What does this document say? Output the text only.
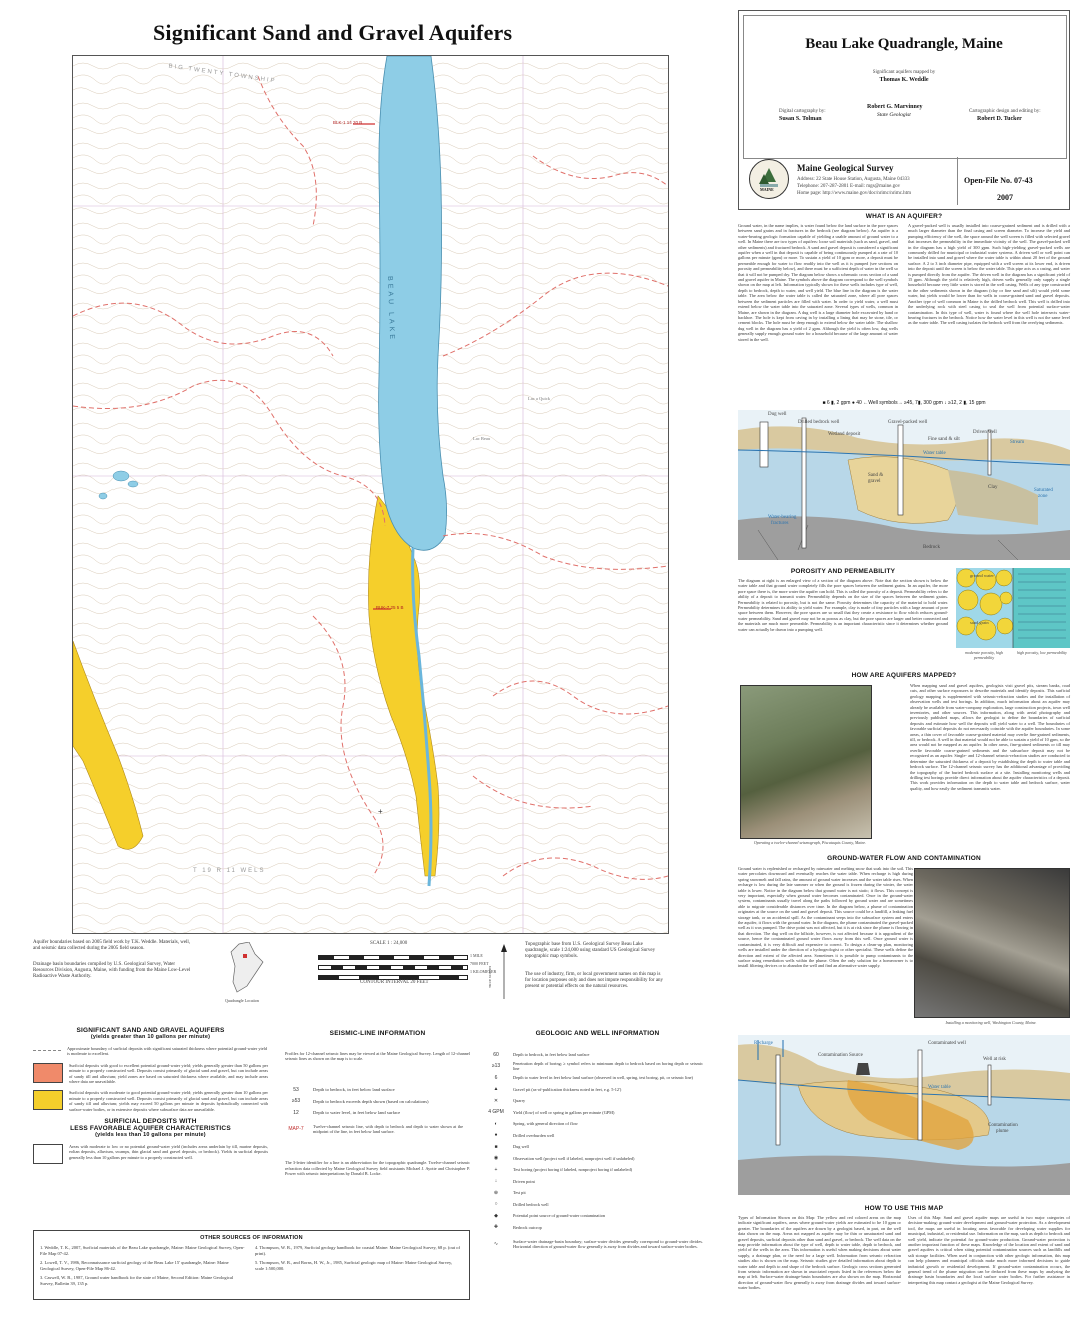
Significant Sand and Gravel Aquifers
+
BIG TWENTY TOWNSHIP
T 19 R 11 WELS
BEAU LAKE
BLK-1 14 20 B
BUK-7 25 5 B
Lac Beau
Lac a Quick
Aquifer boundaries based on 2005 field work by T.K. Weddle. Materials, well, and seismic data collected during the 2005 field season.
Drainage basin boundaries compiled by U.S. Geological Survey, Water Resources Division, Augusta, Maine, with funding from the Maine Low-Level Radioactive Waste Authority.
Quadrangle Location
SCALE 1 : 24,000
1 MILE
7000 FEET
1 KILOMETER
CONTOUR INTERVAL 20 FEET	TRUE NORTH
Topographic base from U.S. Geological Survey Beau Lake quadrangle, scale 1:24,000 using standard US Geological Survey topographic map symbols.
The use of industry, firm, or local government names on this map is for location purposes only and does not impute responsibility for any present or potential effects on the natural resources.
SIGNIFICANT SAND AND GRAVEL AQUIFERS
(yields greater than 10 gallons per minute)
Approximate boundary of surficial deposits with significant saturated thickness where potential ground-water yield is moderate to excellent.
Surficial deposits with good to excellent potential ground-water yield; yields generally greater than 50 gallons per minute to a properly constructed well. Deposits consist primarily of glacial sand and gravel, but can include areas of sandy till and alluvium; yield zones are based on saturated thickness where available, and may include areas where data are unavailable.
Surficial deposits with moderate to good potential ground-water yield; yields generally greater than 10 gallons per minute to a properly constructed well. Deposits consist primarily of glacial sand and gravel, but can include areas of sandy till and alluvium; yields may exceed 50 gallons per minute in deposits hydraulically connected with surface-water bodies, or in extensive deposits where subsurface data are unavailable.
SURFICIAL DEPOSITS WITH
LESS FAVORABLE AQUIFER CHARACTERISTICS
(yields less than 10 gallons per minute)
Areas with moderate to low or no potential ground-water yield (includes areas underlain by till, marine deposits, eolian deposits, alluvium, swamps, thin glacial sand and gravel deposits, or bedrock). Yields in surficial deposits generally less than 10 gallons per minute to a properly constructed well.
SEISMIC-LINE INFORMATION
Profiles for 12-channel seismic lines may be viewed at the Maine Geological Survey. Length of 12-channel seismic lines as shown on the map is to scale.
53	Depth to bedrock, in feet below land surface
≥53	Depth to bedrock exceeds depth shown (based on calculations)
12	Depth to water level, in feet below land surface
MAP-7	Twelve-channel seismic line, with depth to bedrock and depth to water shown at the midpoint of the line, in feet below land surface.
The 3-letter identifier for a line is an abbreviation for the topographic quadrangle. Twelve-channel seismic refraction data collected by Maine Geological Survey field assistants Michael J. Ayotte and Christopher P. Power with seismic interpretations by Donald B. Locke.
GEOLOGIC AND WELL INFORMATION
60	Depth to bedrock, in feet below land surface
≥13	Penetration depth of boring; ≥ symbol refers to minimum depth to bedrock based on boring depth or seismic line
6	Depth to water level in feet below land surface (observed in well, spring, test boring, pit, or seismic line)
▲	Gravel pit (as-of-publication thickness noted in feet, e.g. 5-12')
✕	Quarry
4 GPM	Yield (flow) of well or spring in gallons per minute (GPM)
◐	Spring, with general direction of flow
●	Drilled overburden well
■	Dug well
◉	Observation well (project well if labeled, nonproject well if unlabeled)
+	Test boring (project boring if labeled, nonproject boring if unlabeled)
↓	Driven point
⊕	Test pit
○	Drilled bedrock well
◆	Potential point source of ground-water contamination
✚	Bedrock outcrop
∿	Surface-water drainage-basin boundary; surface-water divides generally correspond to ground-water divides. Horizontal direction of ground-water flow generally is away from divides and toward surface-water bodies.
OTHER SOURCES OF INFORMATION
1. Weddle, T. K., 2007, Surficial materials of the Beau Lake quadrangle, Maine: Maine Geological Survey, Open-File Map 07-42.
2. Lowell, T. V., 1986, Reconnaissance surficial geology of the Beau Lake 15' quadrangle, Maine: Maine Geological Survey, Open-File Map 86-42.
3. Caswell, W. B., 1987, Ground water handbook for the state of Maine, Second Edition: Maine Geological Survey, Bulletin 39, 135 p.
4. Thompson, W. B., 1979, Surficial geology handbook for coastal Maine: Maine Geological Survey, 68 p. (out of print).
5. Thompson, W. B., and Borns, H. W., Jr., 1985, Surficial geologic map of Maine: Maine Geological Survey, scale 1:500,000.
Beau Lake Quadrangle, Maine
Significant aquifers mapped by
Thomas K. Weddle
Digital cartography by:
Susan S. Tolman
Robert G. Marvinney
State Geologist
Cartographic design and editing by:
Robert D. Tucker
MAINE
Maine Geological Survey
Address: 22 State House Station, Augusta, Maine 04333
Telephone: 207-287-2801 E-mail: mgs@maine.gov
Home page: http://www.maine.gov/doc/nrimc/nrimc.htm
Open-File No. 07-43
2007
WHAT IS AN AQUIFER?
Ground water, in the name implies, is water found below the land surface in the pore spaces between sand grains and in fractures in the bedrock (see diagram below). An aquifer is a water-bearing geologic formation capable of yielding a usable amount of ground water to a well. In Maine there are two types of aquifers: loose soil materials (such as sand, gravel, and other sediments) and fractured bedrock. A sand and gravel deposit is considered a significant aquifer when a well in that deposit is capable of being continuously pumped at a rate of 10 gallons per minute (gpm) or more. To sustain a yield of 10 gpm or more, a deposit must be permeable enough for water to flow readily into the well as it is pumped (see sections on porosity and permeability below), and there must be a sufficient depth of water in the well so that it will not be pumped dry. The diagram below shows a schematic cross section of a sand and gravel aquifer in Maine. The symbols above the diagram correspond to the well symbols shown on the map at left. Information typically shown for these wells includes type of well, depth to bedrock, depth to water, and well yield. The blue line in the diagram is the water table. The area below the water table is called the saturated zone, where all pore spaces between the sediment particles are filled with water. In order to yield water, a well must extend below the water table into the saturated zone. Several types of wells, common in Maine, are shown in the diagram. A dug well is a large diameter hole excavated by hand or backhoe. The hole is kept from caving in by installing a lining that may be stone, tile, or cement blocks. The hole must be deep enough to extend below the water table. The shallow dug well in the diagram has a yield of 2 gpm. Although the yield is often low, dug wells generally supply enough ground water for a household because of the large amount of water stored in the well.
A gravel-packed well is usually installed into coarse-grained sediment and is drilled with a much larger diameter than the final casing and screen diameter. To increase the yield and pumping efficiency of the well, the space around the well screen is filled with selected gravel that increases the permeability in the immediate vicinity of the well. The gravel-packed well in the diagram has a high yield of 300 gpm. Such high-yielding gravel-packed wells are commonly drilled for municipal or industrial water systems. A driven well or well point can be installed into sand and gravel where the water table is within about 20 feet of the ground surface. A 2 to 3 inch diameter pipe, equipped with a well screen at its lower end, is driven into the deposit until the screen is below the water table. This pipe acts as a casing, and water is pumped directly from the aquifer. The driven well in the diagram has a significant yield of 15 gpm. Although the yield is relatively high, driven wells generally only supply a single household because very little water is stored in the well casing. Wells of any type constructed in the other sediments shown in the diagram (clay or fine sand and silt) would yield some water, but yields would be lower than for wells in coarse-grained sand and gravel deposits. Another type of well common in Maine is the drilled bedrock well. This well is drilled into the underlying rock with steel casing to seal the well from potential surface-water contamination. In this type of well, water is found where the well hole intersects water-bearing fractures in the bedrock. Notice how the water level in this well is not the same level as the water table. The well casing isolates the bedrock well from the overlying sediments.
■ 6 ▮, 2 gpm ● 40 ←Well symbols→ ≥45, 7▮, 300 gpm ↓ ≥12, 2 ▮, 15 gpm
Dug well
Drilled bedrock well
Wetland deposit
Gravel-packed well
Fine sand & silt
Driven well
Stream
Water table
Sand &
gravel
Clay
Saturated
zone
Water-bearing
fractures
Bedrock
POROSITY AND PERMEABILITY
The diagram at right is an enlarged view of a section of the diagram above. Note that the section shown is below the water table and that ground water completely fills the pore spaces between the sediment grains. In an aquifer, the more pore space there is, the more water the aquifer can hold. This is called the porosity of a deposit. Permeability refers to the ability of a deposit to transmit water. Permeability depends on the size of the spaces between the sediment grains. Permeability is related to porosity, but is not the same. Porosity determines the capacity of the material to hold water. Permeability determines its ability to yield water. For example, clay is made of tiny particles with a large amount of pore space between them. However, the pore spaces are so small that they create a resistance to flow which reduces ground-water permeability. Sand and gravel may not be as porous as clay, but the pore spaces are larger and better connected and the materials are much more permeable. Permeability is an important characteristic since it determines whether ground water can actually be drawn into a pumping well.
ground water
sand grain
moderate porosity, high permeability
high porosity, low permeability
HOW ARE AQUIFERS MAPPED?
Operating a twelve-channel seismograph, Piscataquis County, Maine.
When mapping sand and gravel aquifers, geologists visit gravel pits, stream banks, road cuts, and other surface exposures to describe materials and identify deposits. This surficial geology mapping is supplemented with seismic-refraction studies and the installation of observation wells and test borings. In addition, much information about an aquifer may already be available from water-company exploration, large construction projects, town well inventories, and other sources. This information, along with aerial photography and previously published maps, allows the geologist to define the boundaries of surficial deposits and estimate how well the deposits will yield water to a well. The boundaries of favorable surficial deposits do not necessarily coincide with the aquifer boundaries. In some areas, a thin cover of favorable coarse-grained material may overlie fine-grained sediments, till, or bedrock. A well in that material would not be able to sustain a yield of 10 gpm, so the area would not be mapped as an aquifer. In other areas, fine-grained sediments or till may overlie favorable coarse-grained sediments and the subsurface deposit may not be recognized as an aquifer. Single- and 12-channel seismic-refraction studies are conducted to determine the saturated thickness of a deposit by establishing the depth to water table and bedrock surface. The 12-channel seismic survey has the additional advantage of providing the topography of the buried bedrock surface at a site. Installing monitoring wells and drilling test borings provide direct information about the aquifer characteristics of a deposit. This work provides information on the depth to water table and bedrock surface, water quality, and how easily the sediment transmits water.
GROUND-WATER FLOW AND CONTAMINATION
Ground water is replenished or recharged by rainwater and melting snow that soak into the soil. This water percolates downward and eventually reaches the water table. When recharge is high during spring snowmelt and fall rains, the amount of ground water increases and the water table rises. When recharge is low during the late summer or when the ground is frozen during the winter, the water table is lower. Notice in the diagram below that ground water is not static; it flows. This concept is very important, especially when ground water becomes contaminated. Once in the ground-water system, contaminants usually travel along the paths followed by ground water and are sometimes able to migrate considerable distances over time. In the diagram below, a plume of contamination originates at the source on the sand and gravel deposit. This source could be a landfill, a leaking fuel storage tank, or an accidental spill. As the contaminant seeps into the subsurface system and enters the aquifer, it flows with the ground water. In the diagram, the plume contaminated the gravel-packed well as it was pumped. The drive point was not affected, but it is at risk since the plume is flowing in that direction. The dug well on the hillside, however, is not affected because it is upgradient of the source, hence the contaminated ground water flows away from this well. Once ground water is contaminated, it is very difficult and expensive to correct. To design a clean-up plan, monitoring wells are installed under the direction of a hydrogeologist or other specialist. These wells define the direction and extent of the affected area. Sometimes it is possible to pump contaminants to the surface using remediation wells within the plume. Often the only solution for a homeowner is to install filtering devices or to abandon the well and find an alternative water supply.
Installing a monitoring well, Washington County, Maine.
Recharge	Contaminated well
Contamination Source
Well at risk
Water table
Contamination
plume
HOW TO USE THIS MAP
Types of Information Shown on this Map: The yellow and red colored areas on the map indicate significant aquifers, areas where ground-water yields are estimated to be 10 gpm or greater. The boundaries of the aquifers are drawn by a geologist based, in part, on the well data shown on the map. Areas not mapped as aquifer may be thin or unsaturated sand and gravel deposits, surficial deposits other than sand and gravel, or bedrock. The well data on the map provide information about the type of well, depth to water table, depth to bedrock, and yield of the wells in the area. This information is useful when making decisions about water supply, a drainage plan, or the need for a large well. Information from seismic refraction studies also is shown on the map. Seismic studies give detailed information about depth to water table and depth to and shape of the bedrock surface. Geologic cross sections generated from seismic information are shown in associated reports listed in the references below the map at left. Surface-water drainage-basin boundaries are also shown on the map. Horizontal direction of ground-water flow generally is away from drainage divides and toward surface-water bodies.
Uses of this Map: Sand and gravel aquifer maps are useful in two major categories of decision-making: ground-water development and ground-water protection. As a development tool, the maps are useful in locating areas favorable for developing water supplies for municipal, industrial, or residential use. Information on the map, such as depth to bedrock and well yield, indicate the potential for ground-water production. Ground-water protection is another important function of these maps. Knowledge of the location and extent of sand and gravel aquifers is critical when siting potential contamination sources such as landfills and salt storage facilities. When used in conjunction with other geologic information, this map can help planners and municipal officials make much more informed decisions to guide industrial growth or residential development. If ground-water contamination occurs, the general trend of the plume migration can be deduced from these maps by analyzing the drainage basin boundaries and the local surface water bodies. For further assistance in interpreting this map contact a geologist at the Maine Geological Survey.
